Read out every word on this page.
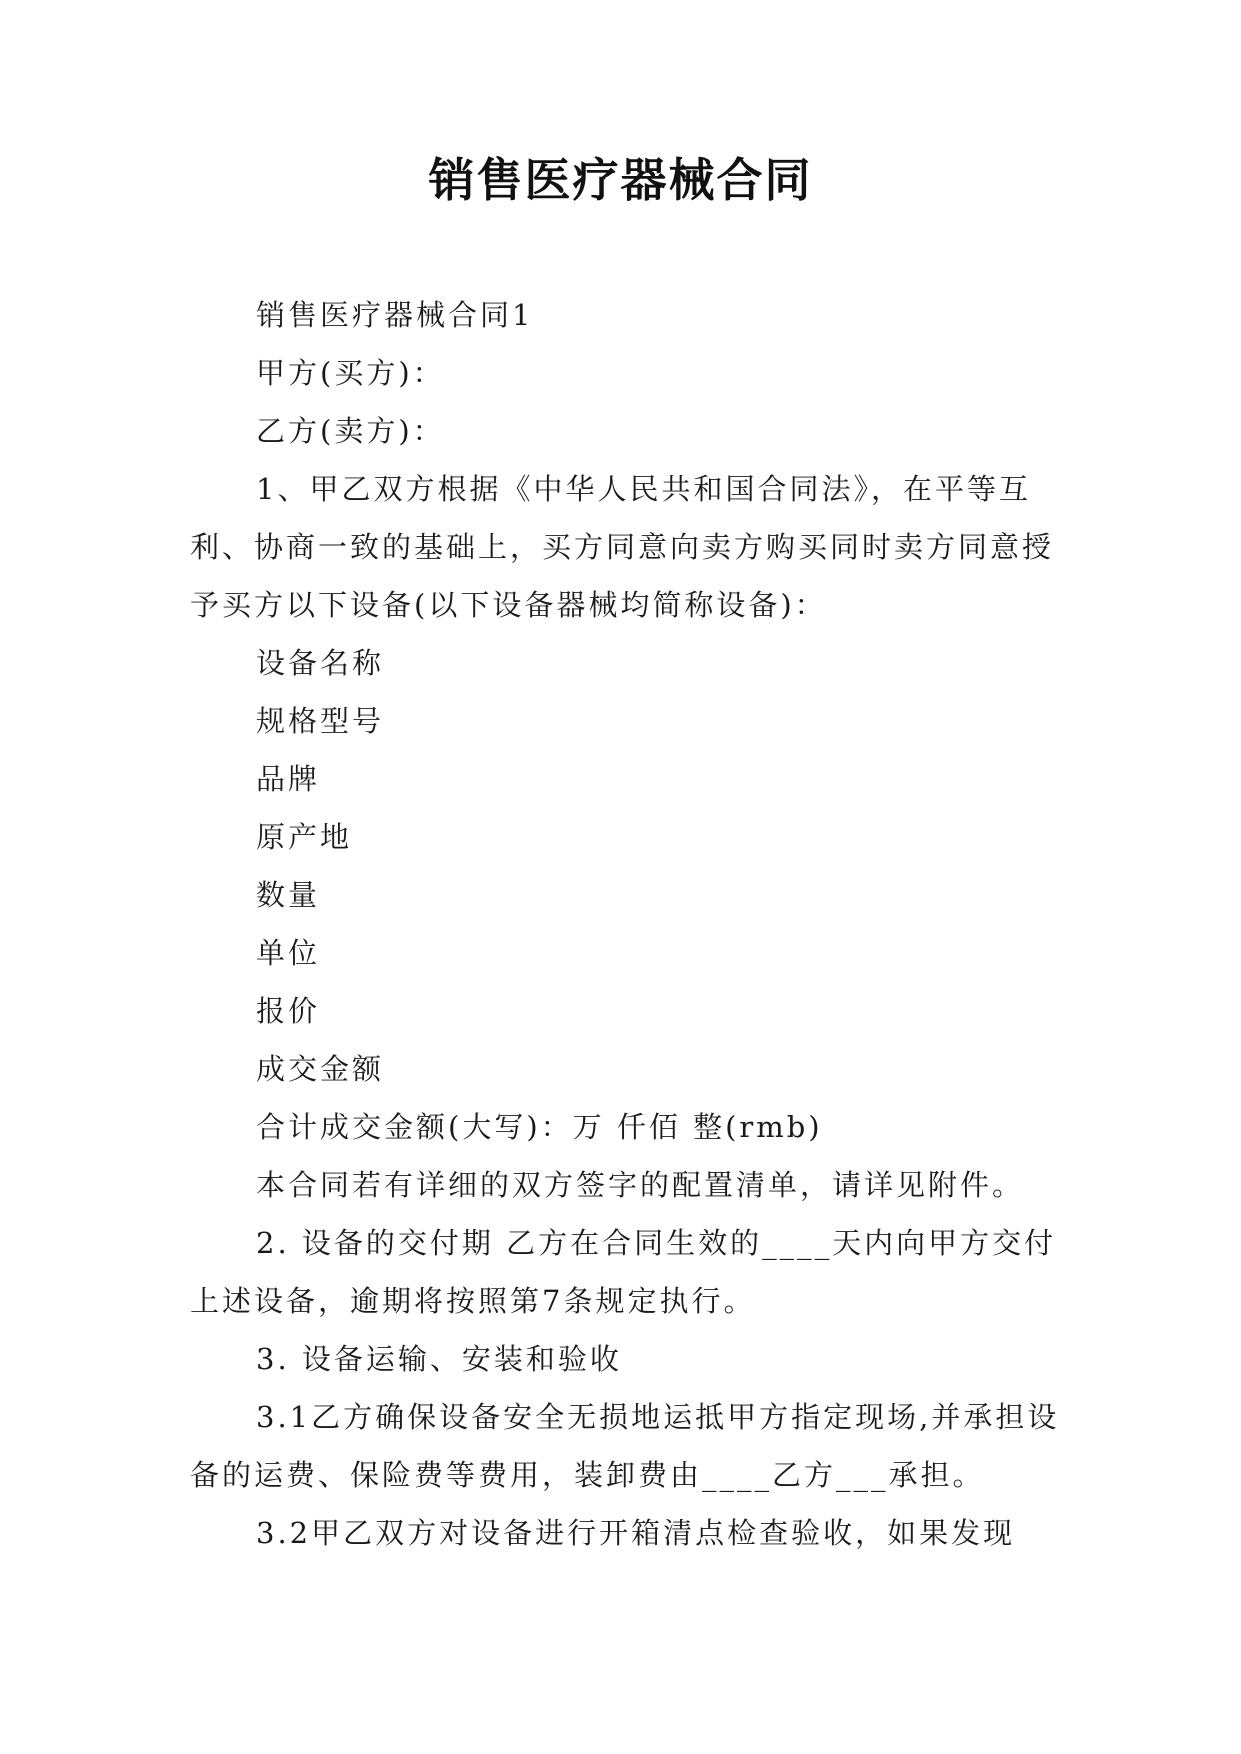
销售医疗器械合同

销售医疗器械合同1

甲方(买方)：

乙方(卖方)：

1、甲乙双方根据《中华人民共和国合同法》，在平等互利、协商一致的基础上，买方同意向卖方购买同时卖方同意授予买方以下设备(以下设备器械均简称设备)：

设备名称

规格型号

品牌

原产地

数量

单位

报价

成交金额

合计成交金额(大写)：万 仟佰 整(rmb)

本合同若有详细的双方签字的配置清单，请详见附件。

2. 设备的交付期 乙方在合同生效的____天内向甲方交付上述设备，逾期将按照第7条规定执行。

3. 设备运输、安装和验收

3.1乙方确保设备安全无损地运抵甲方指定现场,并承担设备的运费、保险费等费用，装卸费由____乙方___承担。

3.2甲乙双方对设备进行开箱清点检查验收，如果发现
